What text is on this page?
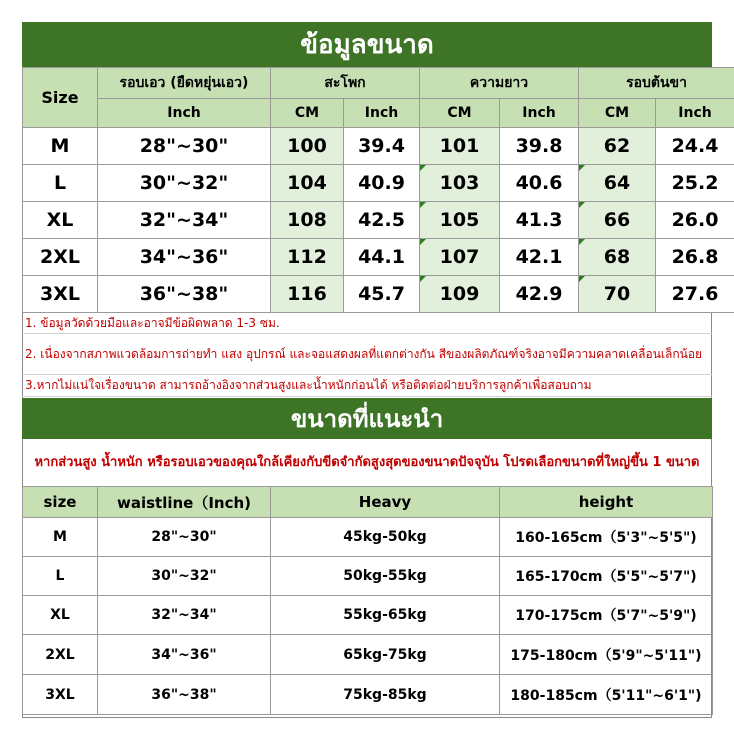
ข้อมูลขนาด
Size	รอบเอว (ยืดหยุ่นเอว)	สะโพก		ความยาว		รอบต้นขา	
	Inch	CM	Inch	CM	Inch	CM	Inch
M	28"~30"	100	39.4	101	39.8	62	24.4
L	30"~32"	104	40.9	103	40.6	64	25.2
XL	32"~34"	108	42.5	105	41.3	66	26.0
2XL	34"~36"	112	44.1	107	42.1	68	26.8
3XL	36"~38"	116	45.7	109	42.9	70	27.6
1. ข้อมูลวัดด้วยมือและอาจมีข้อผิดพลาด 1-3 ซม.
2. เนื่องจากสภาพแวดล้อมการถ่ายทำ แสง อุปกรณ์ และจอแสดงผลที่แตกต่างกัน สีของผลิตภัณฑ์จริงอาจมีความคลาดเคลื่อนเล็กน้อย
3.หากไม่แน่ใจเรื่องขนาด สามารถอ้างอิงจากส่วนสูงและน้ำหนักก่อนได้ หรือติดต่อฝ่ายบริการลูกค้าเพื่อสอบถาม
ขนาดที่แนะนำ
หากส่วนสูง น้ำหนัก หรือรอบเอวของคุณใกล้เคียงกับขีดจำกัดสูงสุดของขนาดปัจจุบัน โปรดเลือกขนาดที่ใหญ่ขึ้น 1 ขนาด
size	waistline（Inch)	Heavy	height
M	28"~30"	45kg-50kg	160-165cm（5'3"~5'5")
L	30"~32"	50kg-55kg	165-170cm（5'5"~5'7")
XL	32"~34"	55kg-65kg	170-175cm（5'7"~5'9")
2XL	34"~36"	65kg-75kg	175-180cm（5'9"~5'11")
3XL	36"~38"	75kg-85kg	180-185cm（5'11"~6'1")
